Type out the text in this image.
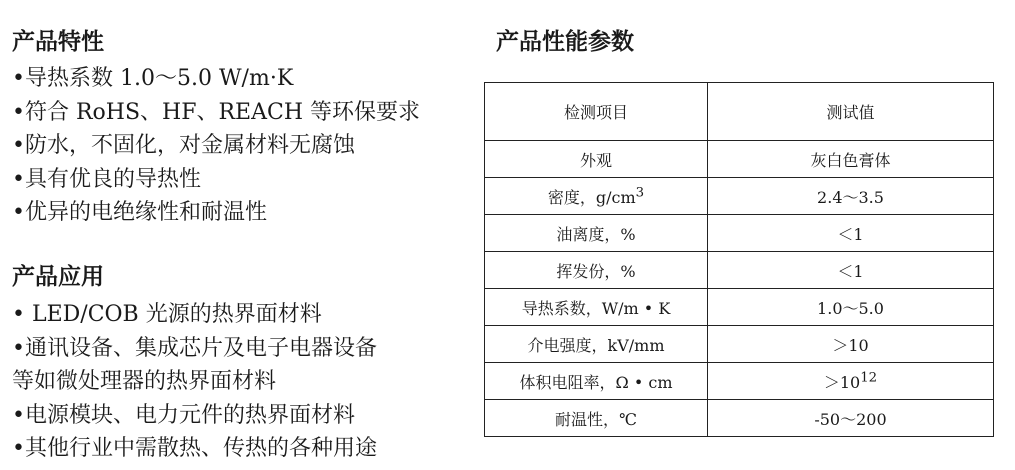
产品特性
•导热系数 1.0～5.0 W/m·K
•符合 RoHS、HF、REACH 等环保要求
•防水，不固化，对金属材料无腐蚀
•具有优良的导热性
•优异的电绝缘性和耐温性
产品应用
• LED/COB 光源的热界面材料
•通讯设备、集成芯片及电子电器设备
等如微处理器的热界面材料
•电源模块、电力元件的热界面材料
•其他行业中需散热、传热的各种用途
产品性能参数
检测项目	测试值
外观	灰白色膏体
密度，$g/cm^3$	2.4～3.5
油离度，%	＜1
挥发份，%	＜1
导热系数，W/m • K	1.0～5.0
介电强度，kV/mm	＞10
体积电阻率，Ω • cm	$>10^{12}$
耐温性，℃	-50～200
